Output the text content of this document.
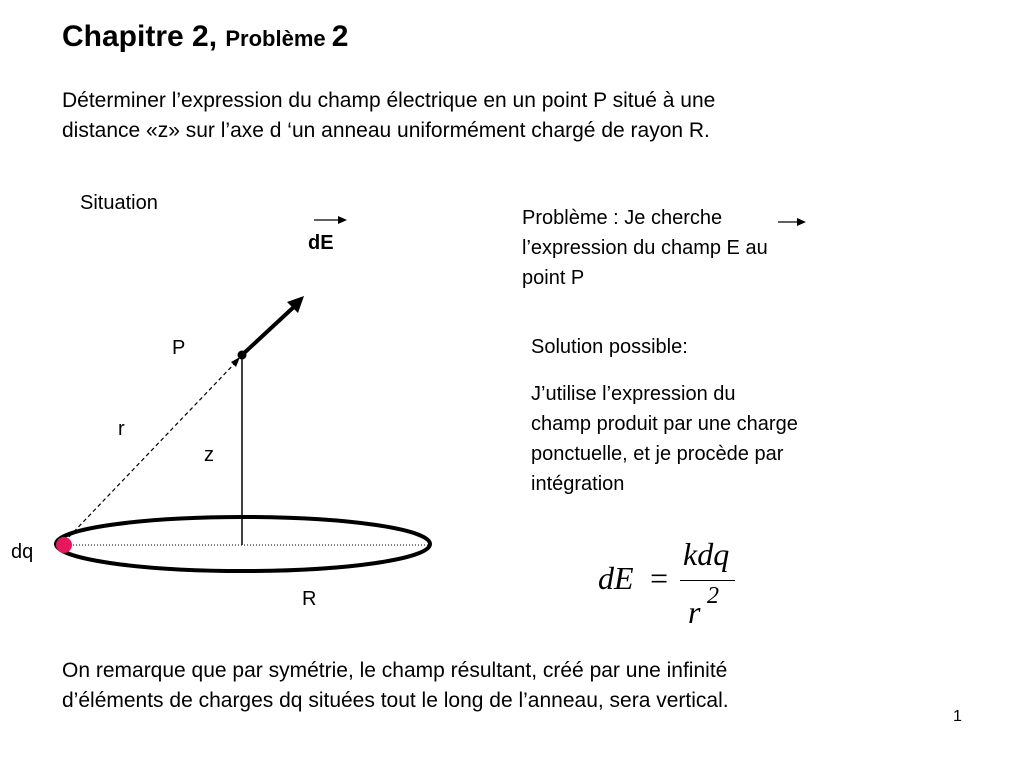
Chapitre 2, Problème 2
Déterminer l’expression du champ électrique en un point P situé à une
distance «z» sur l’axe d ‘un anneau uniformément chargé de rayon R.
Situation
dE
P
r
z
dq
R
Problème : Je cherche
l’expression du champ E au
point P
Solution possible:
J’utilise l’expression du
champ produit par une charge
ponctuelle, et je procède par
intégration
dE =
kdq
r 2
On remarque que par symétrie, le champ résultant, créé par une infinité
d’éléments de charges dq situées tout le long de l’anneau, sera vertical.
1
